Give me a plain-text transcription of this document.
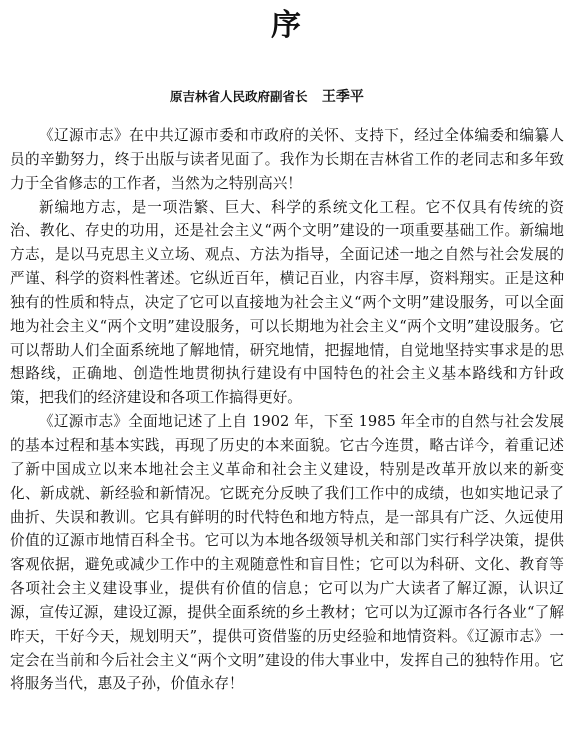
序
原吉林省人民政府副省长 王季平

《辽源市志》在中共辽源市委和市政府的关怀、支持下，经过全体编委和编纂人员的辛勤努力，终于出版与读者见面了。我作为长期在吉林省工作的老同志和多年致力于全省修志的工作者，当然为之特别高兴！

新编地方志，是一项浩繁、巨大、科学的系统文化工程。它不仅具有传统的资治、教化、存史的功用，还是社会主义“两个文明”建设的一项重要基础工作。新编地方志，是以马克思主义立场、观点、方法为指导，全面记述一地之自然与社会发展的严谨、科学的资料性著述。它纵近百年，横记百业，内容丰厚，资料翔实。正是这种独有的性质和特点，决定了它可以直接地为社会主义“两个文明”建设服务，可以全面地为社会主义“两个文明”建设服务，可以长期地为社会主义“两个文明”建设服务。它可以帮助人们全面系统地了解地情，研究地情，把握地情，自觉地坚持实事求是的思想路线，正确地、创造性地贯彻执行建设有中国特色的社会主义基本路线和方针政策，把我们的经济建设和各项工作搞得更好。

《辽源市志》全面地记述了上自 1902 年，下至 1985 年全市的自然与社会发展的基本过程和基本实践，再现了历史的本来面貌。它古今连贯，略古详今，着重记述了新中国成立以来本地社会主义革命和社会主义建设，特别是改革开放以来的新变化、新成就、新经验和新情况。它既充分反映了我们工作中的成绩，也如实地记录了曲折、失误和教训。它具有鲜明的时代特色和地方特点，是一部具有广泛、久远使用价值的辽源市地情百科全书。它可以为本地各级领导机关和部门实行科学决策，提供客观依据，避免或减少工作中的主观随意性和盲目性；它可以为科研、文化、教育等各项社会主义建设事业，提供有价值的信息；它可以为广大读者了解辽源，认识辽源，宣传辽源，建设辽源，提供全面系统的乡土教材；它可以为辽源市各行各业“了解昨天，干好今天，规划明天”，提供可资借鉴的历史经验和地情资料。《辽源市志》一定会在当前和今后社会主义“两个文明”建设的伟大事业中，发挥自己的独特作用。它将服务当代，惠及子孙，价值永存！
